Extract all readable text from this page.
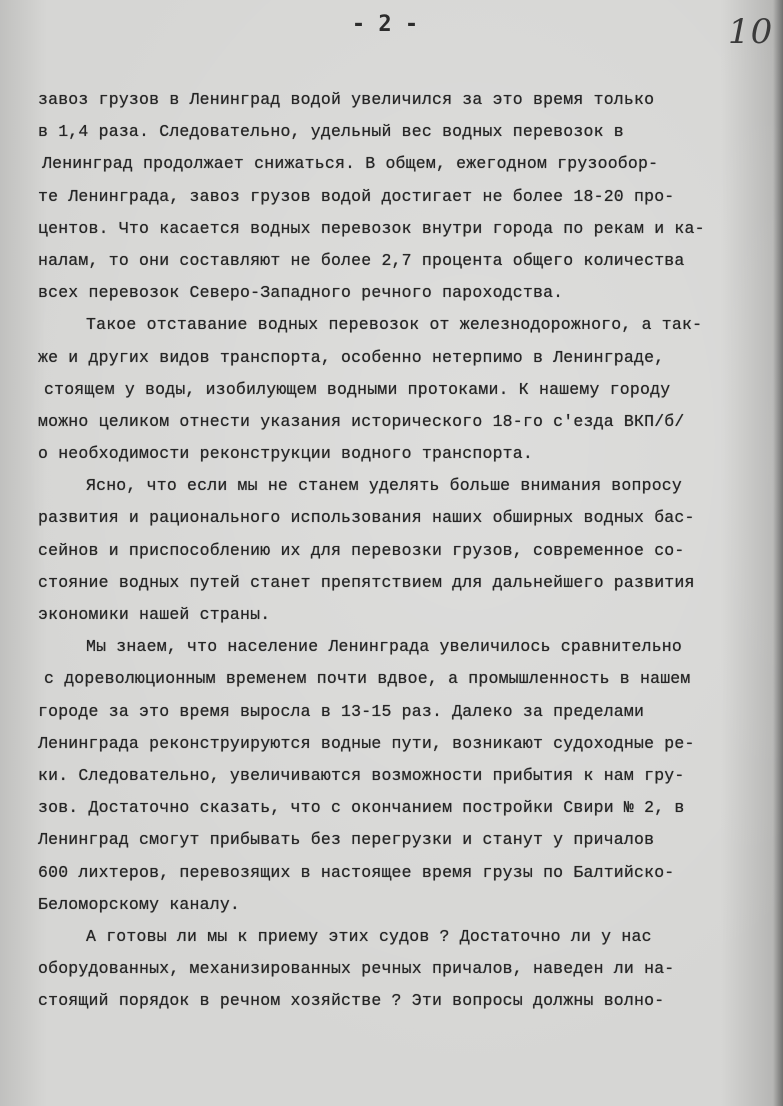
- 2 -	10
завоз грузов в Ленинград водой увеличился за это время только
в 1,4 раза. Следовательно, удельный вес водных перевозок в
Ленинград продолжает снижаться. В общем, ежегодном грузообор-
те Ленинграда, завоз грузов водой достигает не более 18-20 про-
центов. Что касается водных перевозок внутри города по рекам и ка-
налам, то они составляют не более 2,7 процента общего количества
всех перевозок Северо-Западного речного пароходства.
Такое отставание водных перевозок от железнодорожного, а так-
же и других видов транспорта, особенно нетерпимо в Ленинграде,
стоящем у воды, изобилующем водными протоками. К нашему городу
можно целиком отнести указания исторического 18-го с'езда ВКП/б/
о необходимости реконструкции водного транспорта.
Ясно, что если мы не станем уделять больше внимания вопросу
развития и рационального использования наших обширных водных бас-
сейнов и приспособлению их для перевозки грузов, современное со-
стояние водных путей станет препятствием для дальнейшего развития
экономики нашей страны.
Мы знаем, что население Ленинграда увеличилось сравнительно
с дореволюционным временем почти вдвое, а промышленность в нашем
городе за это время выросла в 13-15 раз. Далеко за пределами
Ленинграда реконструируются водные пути, возникают судоходные ре-
ки. Следовательно, увеличиваются возможности прибытия к нам гру-
зов. Достаточно сказать, что с окончанием постройки Свири № 2, в
Ленинград смогут прибывать без перегрузки и станут у причалов
600 лихтеров, перевозящих в настоящее время грузы по Балтийско-
Беломорскому каналу.
А готовы ли мы к приему этих судов ? Достаточно ли у нас
оборудованных, механизированных речных причалов, наведен ли на-
стоящий порядок в речном хозяйстве ? Эти вопросы должны волно-
